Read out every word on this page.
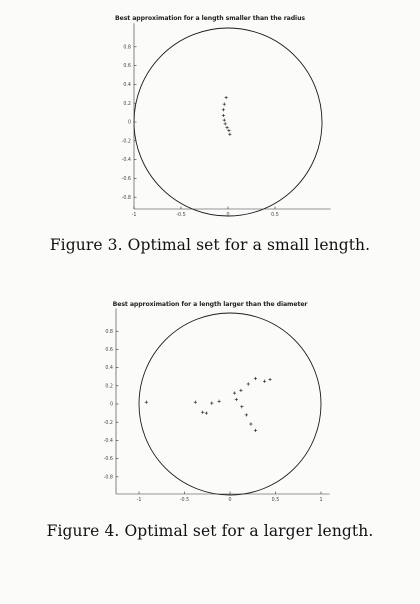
Best approximation for a length smaller than the radius
0.8
0.6
0.4
0.2
0
-0.2
-0.4
-0.6
-0.8
-1	-0.5	0	0.5
Figure 3. Optimal set for a small length.
Best approximation for a length larger than the diameter
0.8
0.6
0.4
0.2
0
-0.2
-0.4
-0.6
-0.8
-1	-0.5	0	0.5	1
Figure 4. Optimal set for a larger length.
